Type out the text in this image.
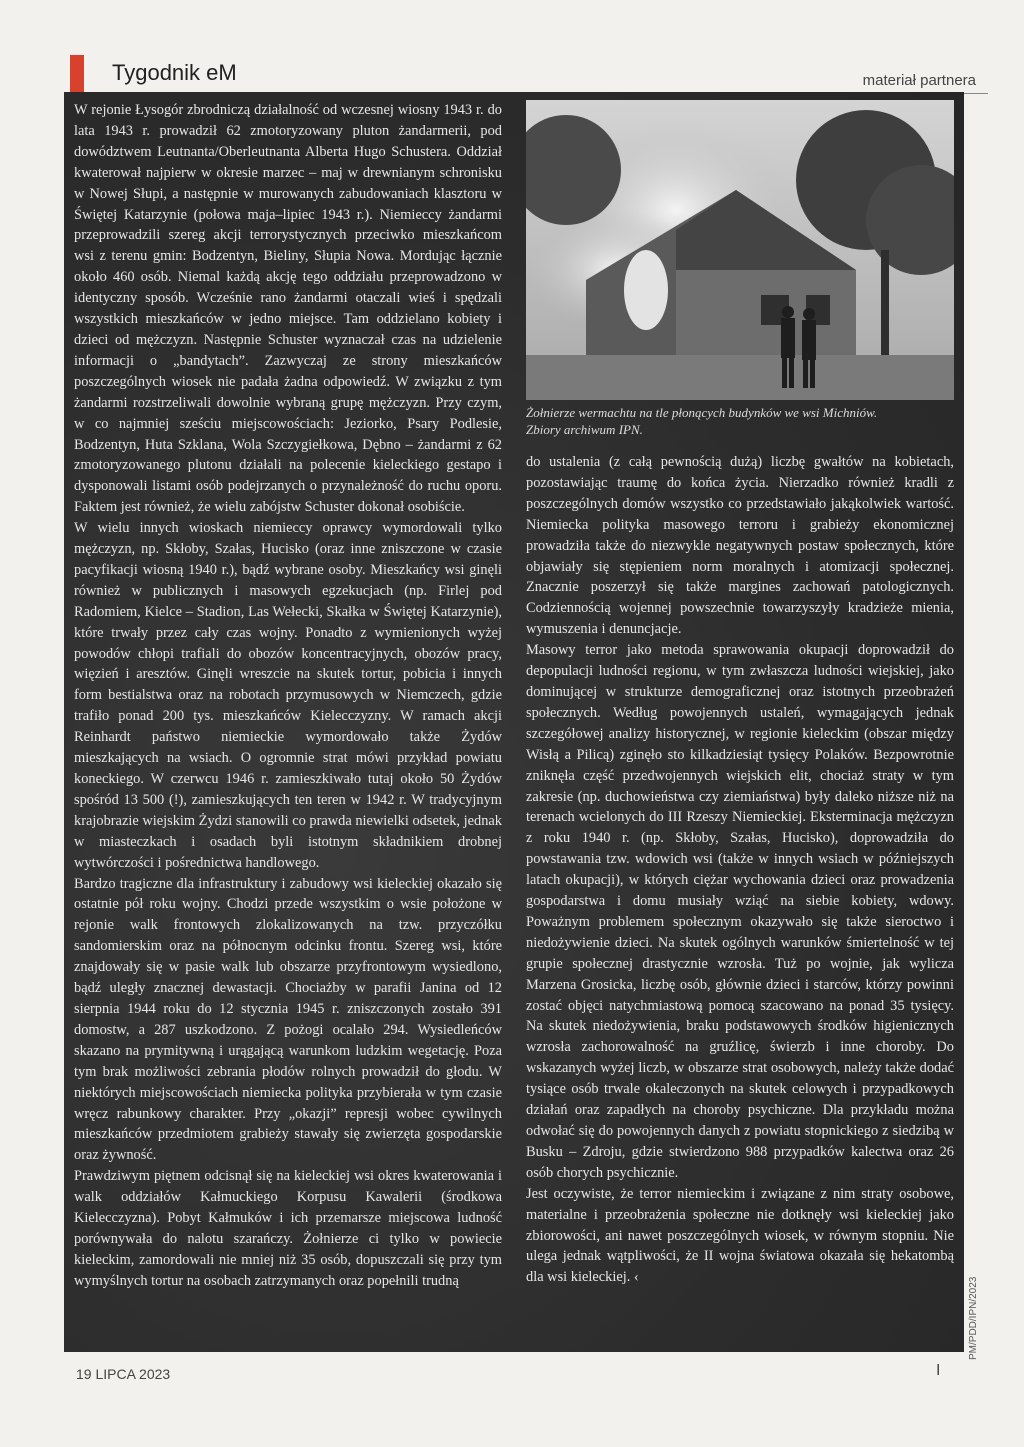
Tygodnik eM	materiał partnera

W rejonie Łysogór zbrodniczą działalność od wczesnej wiosny 1943 r. do lata 1943 r. prowadził 62 zmotoryzowany pluton żandarmerii, pod dowództwem Leutnanta/Oberleutnanta Alberta Hugo Schustera. Oddział kwaterował najpierw w okresie marzec – maj w drewnianym schronisku w Nowej Słupi, a następnie w murowanych zabudowaniach klasztoru w Świętej Katarzynie (połowa maja–lipiec 1943 r.). Niemieccy żandarmi przeprowadzili szereg akcji terrorystycznych przeciwko mieszkańcom wsi z terenu gmin: Bodzentyn, Bieliny, Słupia Nowa. Mordując łącznie około 460 osób. Niemal każdą akcję tego oddziału przeprowadzono w identyczny sposób. Wcześnie rano żandarmi otaczali wieś i spędzali wszystkich mieszkańców w jedno miejsce. Tam oddzielano kobiety i dzieci od mężczyzn. Następnie Schuster wyznaczał czas na udzielenie informacji o „bandytach”. Zazwyczaj ze strony mieszkańców poszczególnych wiosek nie padała żadna odpowiedź. W związku z tym żandarmi rozstrzeliwali dowolnie wybraną grupę mężczyzn. Przy czym, w co najmniej sześciu miejscowościach: Jeziorko, Psary Podlesie, Bodzentyn, Huta Szklana, Wola Szczygiełkowa, Dębno – żandarmi z 62 zmotoryzowanego plutonu działali na polecenie kieleckiego gestapo i dysponowali listami osób podejrzanych o przynależność do ruchu oporu. Faktem jest również, że wielu zabójstw Schuster dokonał osobiście.

W wielu innych wioskach niemieccy oprawcy wymordowali tylko mężczyzn, np. Skłoby, Szałas, Hucisko (oraz inne zniszczone w czasie pacyfikacji wiosną 1940 r.), bądź wybrane osoby. Mieszkańcy wsi ginęli również w publicznych i masowych egzekucjach (np. Firlej pod Radomiem, Kielce – Stadion, Las Wełecki, Skałka w Świętej Katarzynie), które trwały przez cały czas wojny. Ponadto z wymienionych wyżej powodów chłopi trafiali do obozów koncentracyjnych, obozów pracy, więzień i aresztów. Ginęli wreszcie na skutek tortur, pobicia i innych form bestialstwa oraz na robotach przymusowych w Niemczech, gdzie trafiło ponad 200 tys. mieszkańców Kielecczyzny. W ramach akcji Reinhardt państwo niemieckie wymordowało także Żydów mieszkających na wsiach. O ogromnie strat mówi przykład powiatu koneckiego. W czerwcu 1946 r. zamieszkiwało tutaj około 50 Żydów spośród 13 500 (!), zamieszkujących ten teren w 1942 r. W tradycyjnym krajobrazie wiejskim Żydzi stanowili co prawda niewielki odsetek, jednak w miasteczkach i osadach byli istotnym składnikiem drobnej wytwórczości i pośrednictwa handlowego.

Bardzo tragiczne dla infrastruktury i zabudowy wsi kieleckiej okazało się ostatnie pół roku wojny. Chodzi przede wszystkim o wsie położone w rejonie walk frontowych zlokalizowanych na tzw. przyczółku sandomierskim oraz na północnym odcinku frontu. Szereg wsi, które znajdowały się w pasie walk lub obszarze przyfrontowym wysiedlono, bądź uległy znacznej dewastacji. Chociażby w parafii Janina od 12 sierpnia 1944 roku do 12 stycznia 1945 r. zniszczonych zostało 391 domostw, a 287 uszkodzono. Z pożogi ocalało 294. Wysiedleńców skazano na prymitywną i urągającą warunkom ludzkim wegetację. Poza tym brak możliwości zebrania płodów rolnych prowadził do głodu. W niektórych miejscowościach niemiecka polityka przybierała w tym czasie wręcz rabunkowy charakter. Przy „okazji” represji wobec cywilnych mieszkańców przedmiotem grabieży stawały się zwierzęta gospodarskie oraz żywność.

Prawdziwym piętnem odcisnął się na kieleckiej wsi okres kwaterowania i walk oddziałów Kałmuckiego Korpusu Kawalerii (środkowa Kielecczyzna). Pobyt Kałmuków i ich przemarsze miejscowa ludność porównywała do nalotu szarańczy. Żołnierze ci tylko w powiecie kieleckim, zamordowali nie mniej niż 35 osób, dopuszczali się przy tym wymyślnych tortur na osobach zatrzymanych oraz popełnili trudną

Żołnierze wermachtu na tle płonących budynków we wsi Michniów.
Zbiory archiwum IPN.

do ustalenia (z całą pewnością dużą) liczbę gwałtów na kobietach, pozostawiając traumę do końca życia. Nierzadko również kradli z poszczególnych domów wszystko co przedstawiało jakąkolwiek wartość. Niemiecka polityka masowego terroru i grabieży ekonomicznej prowadziła także do niezwykle negatywnych postaw społecznych, które objawiały się stępieniem norm moralnych i atomizacji społecznej. Znacznie poszerzył się także margines zachowań patologicznych. Codziennością wojennej powszechnie towarzyszyły kradzieże mienia, wymuszenia i denuncjacje.

Masowy terror jako metoda sprawowania okupacji doprowadził do depopulacji ludności regionu, w tym zwłaszcza ludności wiejskiej, jako dominującej w strukturze demograficznej oraz istotnych przeobrażeń społecznych. Według powojennych ustaleń, wymagających jednak szczegółowej analizy historycznej, w regionie kieleckim (obszar między Wisłą a Pilicą) zginęło sto kilkadziesiąt tysięcy Polaków. Bezpowrotnie zniknęła część przedwojennych wiejskich elit, chociaż straty w tym zakresie (np. duchowieństwa czy ziemiaństwa) były daleko niższe niż na terenach wcielonych do III Rzeszy Niemieckiej. Eksterminacja mężczyzn z roku 1940 r. (np. Skłoby, Szałas, Hucisko), doprowadziła do powstawania tzw. wdowich wsi (także w innych wsiach w późniejszych latach okupacji), w których ciężar wychowania dzieci oraz prowadzenia gospodarstwa i domu musiały wziąć na siebie kobiety, wdowy. Poważnym problemem społecznym okazywało się także sieroctwo i niedożywienie dzieci. Na skutek ogólnych warunków śmiertelność w tej grupie społecznej drastycznie wzrosła. Tuż po wojnie, jak wylicza Marzena Grosicka, liczbę osób, głównie dzieci i starców, którzy powinni zostać objęci natychmiastową pomocą szacowano na ponad 35 tysięcy. Na skutek niedożywienia, braku podstawowych środków higienicznych wzrosła zachorowalność na gruźlicę, świerzb i inne choroby. Do wskazanych wyżej liczb, w obszarze strat osobowych, należy także dodać tysiące osób trwale okaleczonych na skutek celowych i przypadkowych działań oraz zapadłych na choroby psychiczne. Dla przykładu można odwołać się do powojennych danych z powiatu stopnickiego z siedzibą w Busku – Zdroju, gdzie stwierdzono 988 przypadków kalectwa oraz 26 osób chorych psychicznie.

Jest oczywiste, że terror niemieckim i związane z nim straty osobowe, materialne i przeobrażenia społeczne nie dotknęły wsi kieleckiej jako zbiorowości, ani nawet poszczególnych wiosek, w równym stopniu. Nie ulega jednak wątpliwości, że II wojna światowa okazała się hekatombą dla wsi kieleckiej. ‹

19 LIPCA 2023	I
PM/PDD/IPN/2023
